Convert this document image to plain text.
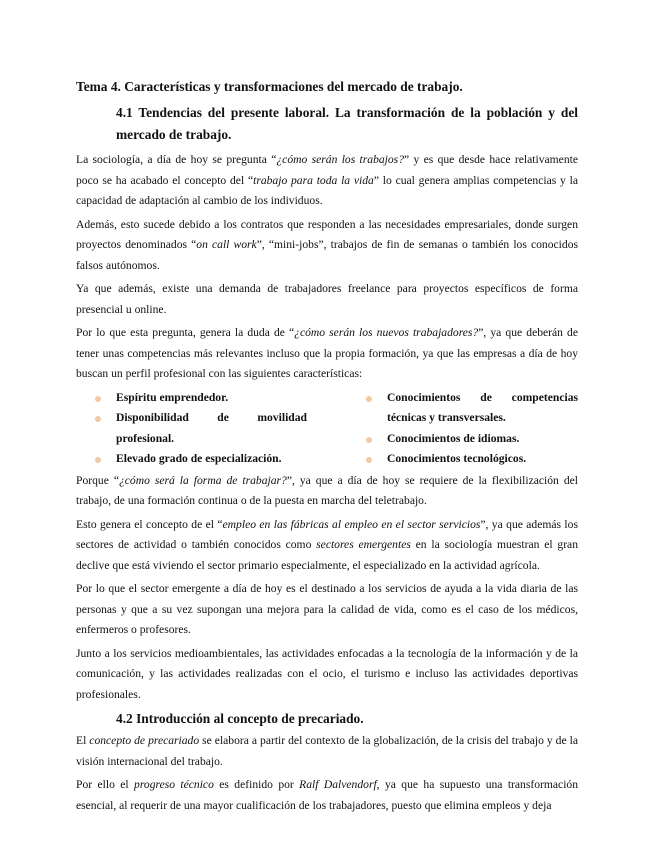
Tema 4. Características y transformaciones del mercado de trabajo.
4.1 Tendencias del presente laboral. La transformación de la población y del mercado de trabajo.

La sociología, a día de hoy se pregunta “¿cómo serán los trabajos?” y es que desde hace relativamente poco se ha acabado el concepto del “trabajo para toda la vida” lo cual genera amplias competencias y la capacidad de adaptación al cambio de los individuos.

Además, esto sucede debido a los contratos que responden a las necesidades empresariales, donde surgen proyectos denominados “on call work”, “mini-jobs”, trabajos de fin de semanas o también los conocidos falsos autónomos.

Ya que además, existe una demanda de trabajadores freelance para proyectos específicos de forma presencial u online.

Por lo que esta pregunta, genera la duda de “¿cómo serán los nuevos trabajadores?”, ya que deberán de tener unas competencias más relevantes incluso que la propia formación, ya que las empresas a día de hoy buscan un perfil profesional con las siguientes características:

Espíritu emprendedor.
Disponibilidad de movilidad profesional.
Elevado grado de especialización.
Conocimientos de competencias técnicas y transversales.
Conocimientos de idiomas.
Conocimientos tecnológicos.

Porque “¿cómo será la forma de trabajar?”, ya que a día de hoy se requiere de la flexibilización del trabajo, de una formación continua o de la puesta en marcha del teletrabajo.

Esto genera el concepto de el “empleo en las fábricas al empleo en el sector servicios”, ya que además los sectores de actividad o también conocidos como sectores emergentes en la sociología muestran el gran declive que está viviendo el sector primario especialmente, el especializado en la actividad agrícola.

Por lo que el sector emergente a día de hoy es el destinado a los servicios de ayuda a la vida diaria de las personas y que a su vez supongan una mejora para la calidad de vida, como es el caso de los médicos, enfermeros o profesores.

Junto a los servicios medioambientales, las actividades enfocadas a la tecnología de la información y de la comunicación, y las actividades realizadas con el ocio, el turismo e incluso las actividades deportivas profesionales.

4.2 Introducción al concepto de precariado.

El concepto de precariado se elabora a partir del contexto de la globalización, de la crisis del trabajo y de la visión internacional del trabajo.

Por ello el progreso técnico es definido por Ralf Dalvendorf, ya que ha supuesto una transformación esencial, al requerir de una mayor cualificación de los trabajadores, puesto que elimina empleos y deja
